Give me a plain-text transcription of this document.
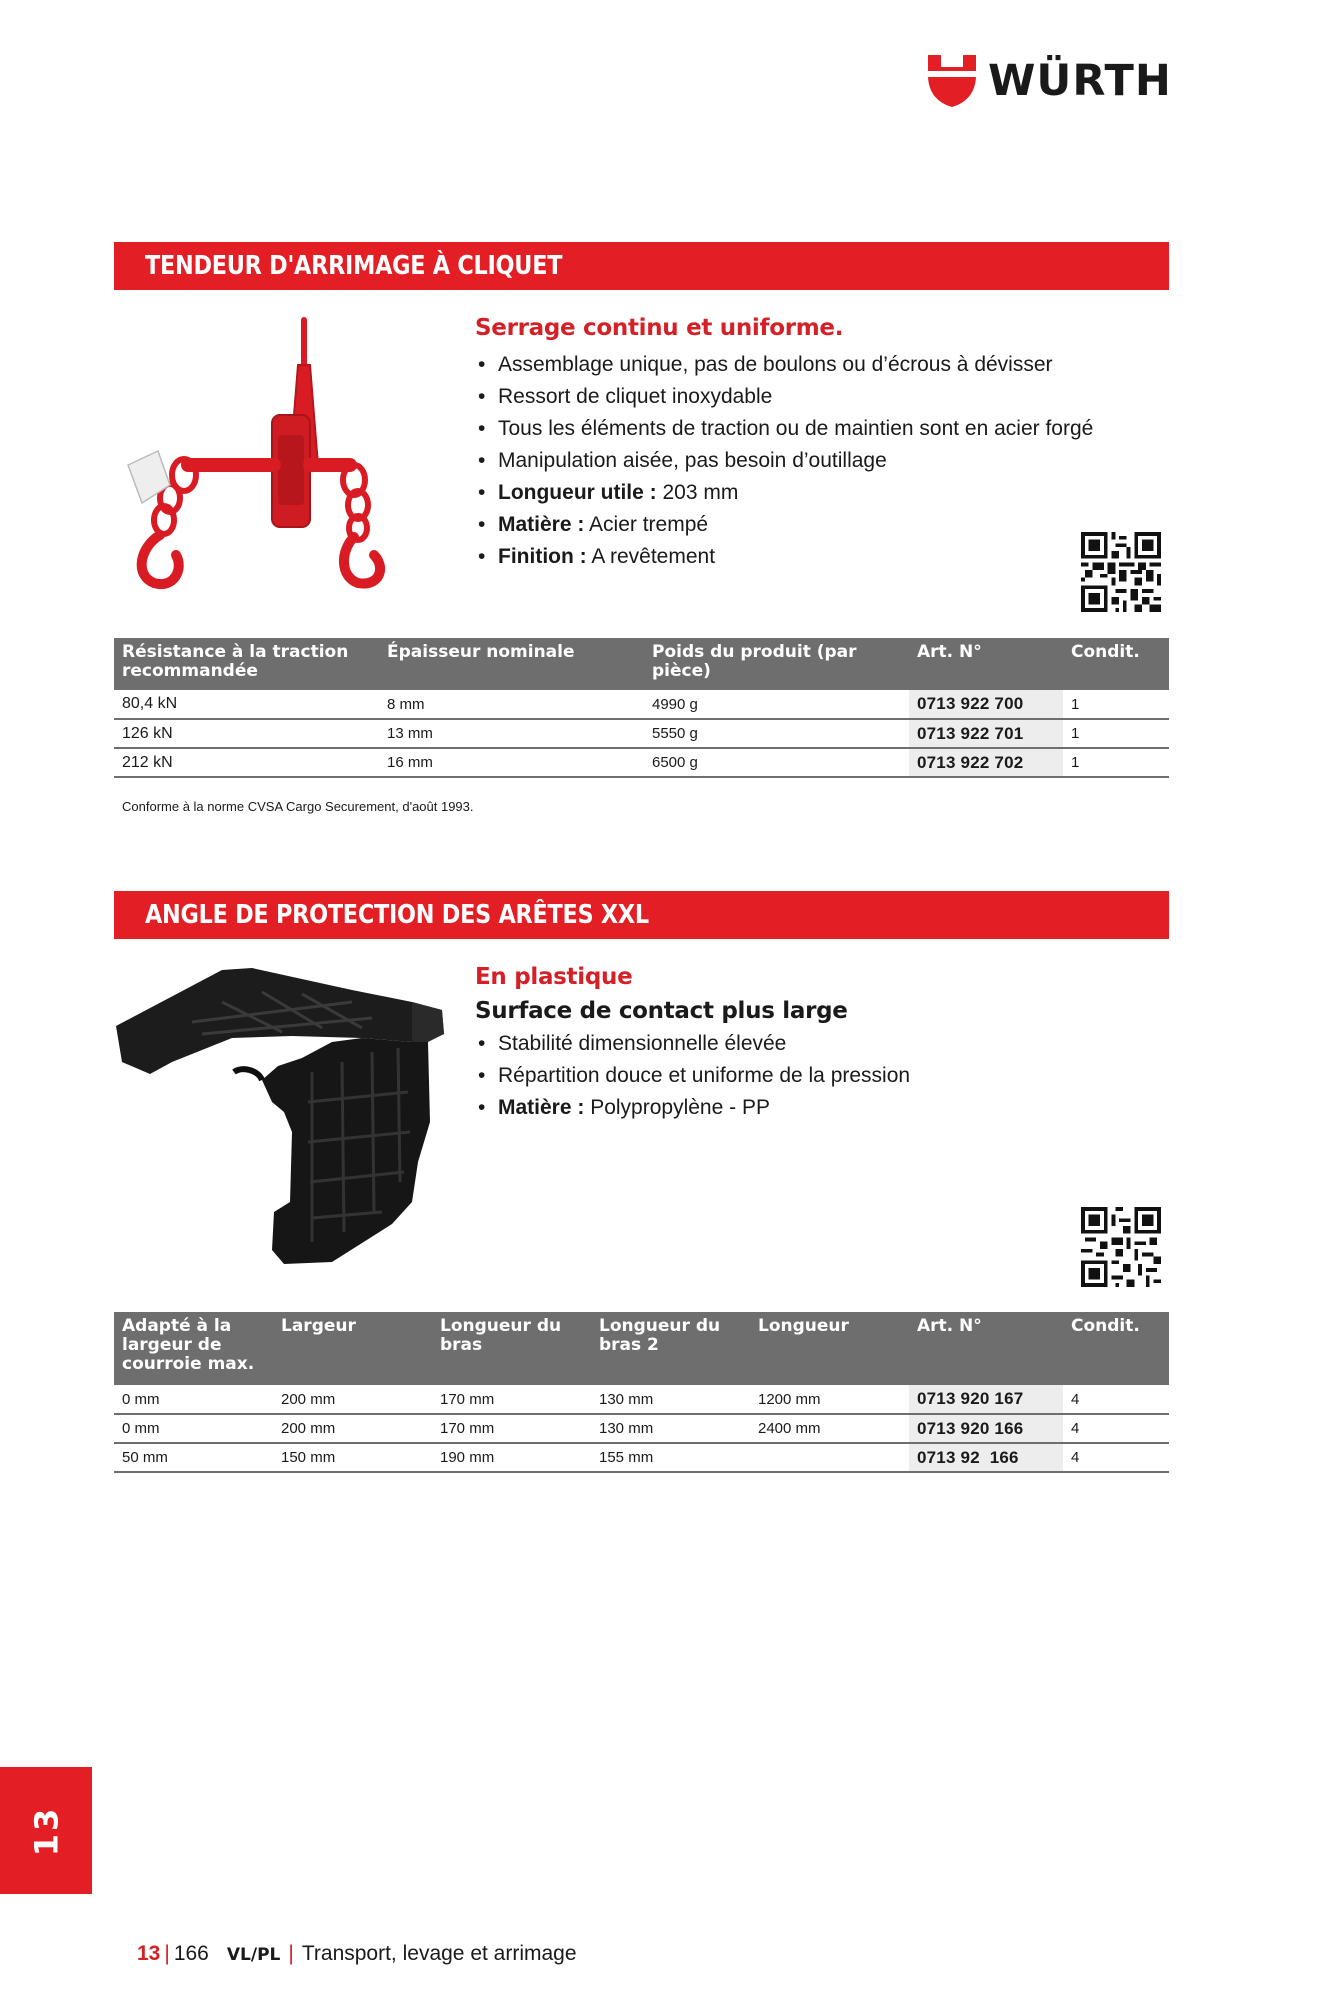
WÜRTH
TENDEUR D'ARRIMAGE À CLIQUET
Serrage continu et uniforme.
• Assemblage unique, pas de boulons ou d’écrous à dévisser
• Ressort de cliquet inoxydable
• Tous les éléments de traction ou de maintien sont en acier forgé
• Manipulation aisée, pas besoin d’outillage
• Longueur utile : 203 mm
• Matière : Acier trempé
• Finition : A revêtement
Résistance à la traction recommandée	Épaisseur nominale	Poids du produit (par pièce)	Art. N°	Condit.
80,4 kN	8 mm	4990 g	0713 922 700	1
126 kN	13 mm	5550 g	0713 922 701	1
212 kN	16 mm	6500 g	0713 922 702	1
Conforme à la norme CVSA Cargo Securement, d'août 1993.
ANGLE DE PROTECTION DES ARÊTES XXL
En plastique
Surface de contact plus large
• Stabilité dimensionnelle élevée
• Répartition douce et uniforme de la pression
• Matière : Polypropylène - PP
Adapté à la largeur de courroie max.	Largeur	Longueur du bras	Longueur du bras 2	Longueur	Art. N°	Condit.
0 mm	200 mm	170 mm	130 mm	1200 mm	0713 920 167	4
0 mm	200 mm	170 mm	130 mm	2400 mm	0713 920 166	4
50 mm	150 mm	190 mm	155 mm		0713 92  166	4
13
13 | 166 VL/PL | Transport, levage et arrimage
